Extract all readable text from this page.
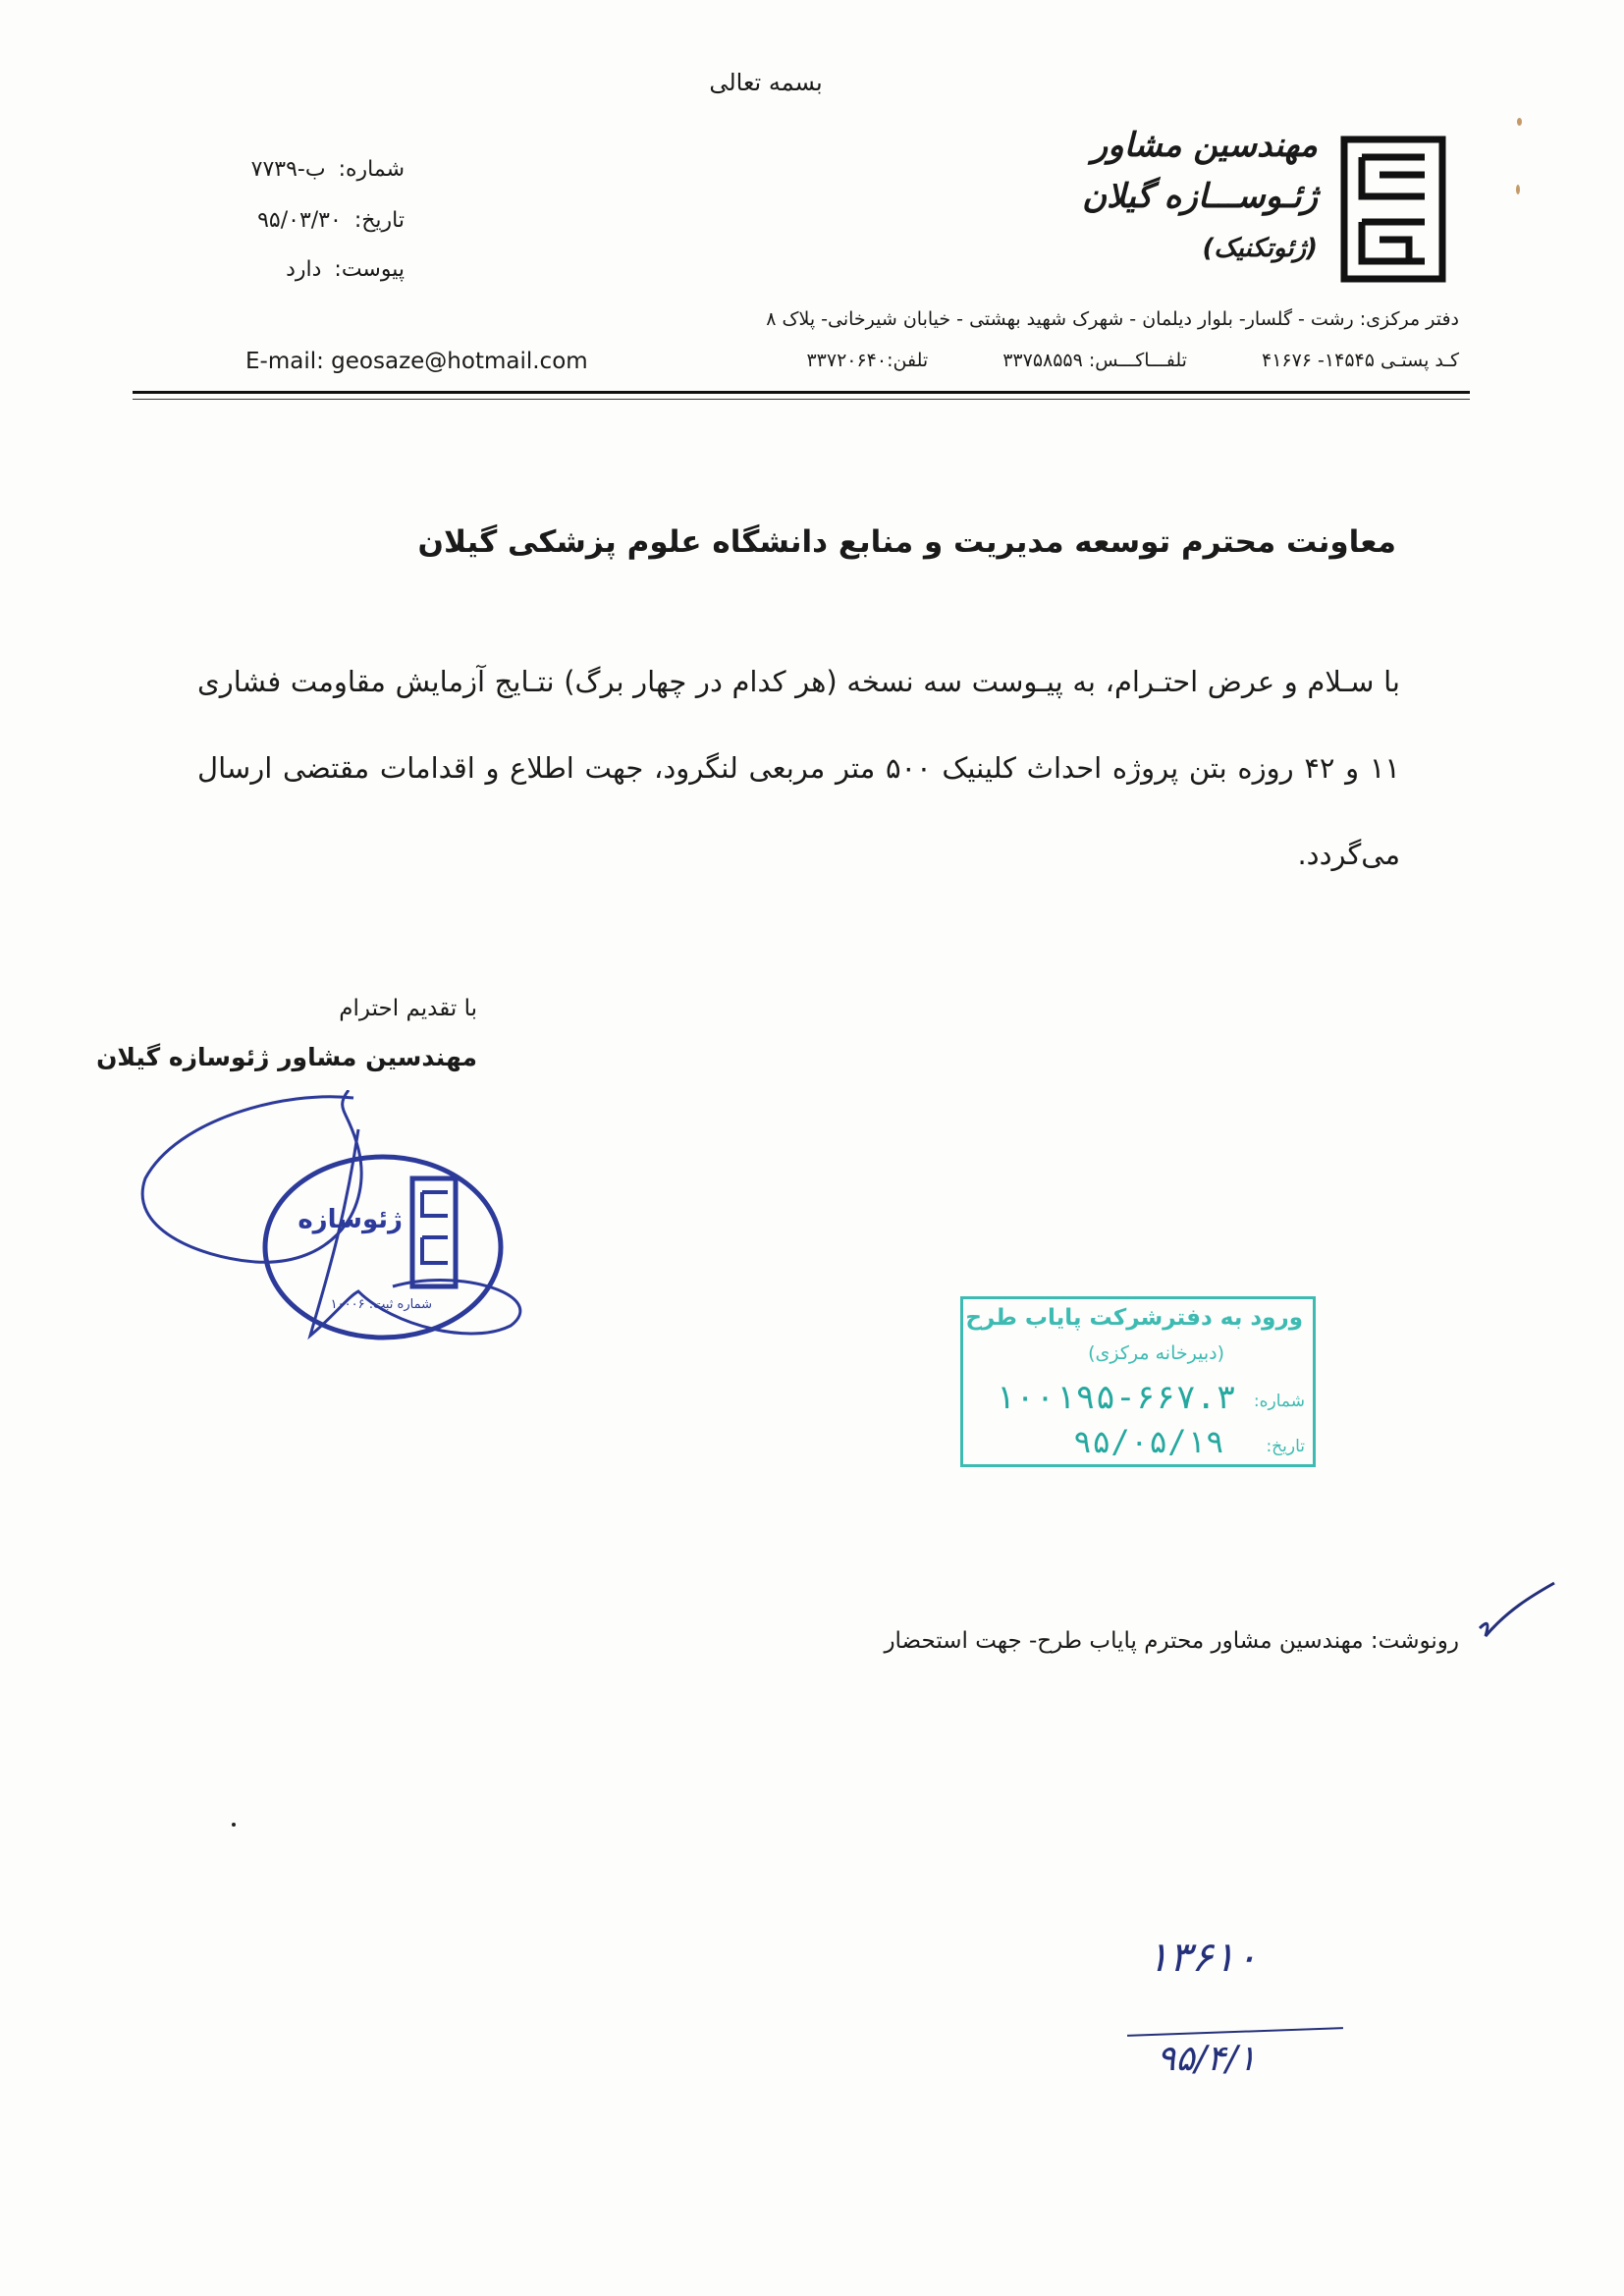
بسمه تعالی
مهندسین مشاور
ژئـوســـازه گیلان
(ژئوتکنیک)
شماره: ب-۷۷۳۹
تاریخ: ۹۵/۰۳/۳۰
پیوست: دارد
دفتر مرکزی: رشت - گلسار- بلوار دیلمان - شهرک شهید بهشتی - خیابان شیرخانی- پلاک ۸
کـد پستـی ۱۴۵۴۵- ۴۱۶۷۶ تلفـــاکـــس: ۳۳۷۵۸۵۵۹ تلفن:۳۳۷۲۰۶۴۰
E-mail: geosaze@hotmail.com
معاونت محترم توسعه مدیریت و منابع دانشگاه علوم پزشکی گیلان
با سـلام و عرض احتـرام، به پیـوست سه نسخه (هر کدام در چهار برگ) نتـایج آزمایش مقاومت فشاری ۱۱ و ۴۲ روزه بتن پروژه احداث کلینیک ۵۰۰ متر مربعی لنگرود، جهت اطلاع و اقدامات مقتضی ارسال می‌گردد.
با تقدیم احترام
مهندسین مشاور ژئوسازه گیلان
ژئوسازه
شماره ثبت: ۱۰۰۰۶
ورود به دفترشرکت پایاب طرح
(دبیرخانه مرکزی)
شماره:
۱۰۰۱۹۵-۶۶۷.۳
تاریخ:
۹۵/۰۵/۱۹
رونوشت: مهندسین مشاور محترم پایاب طرح- جهت استحضار
۱۳۶۱۰
۹۵/۴/۱
